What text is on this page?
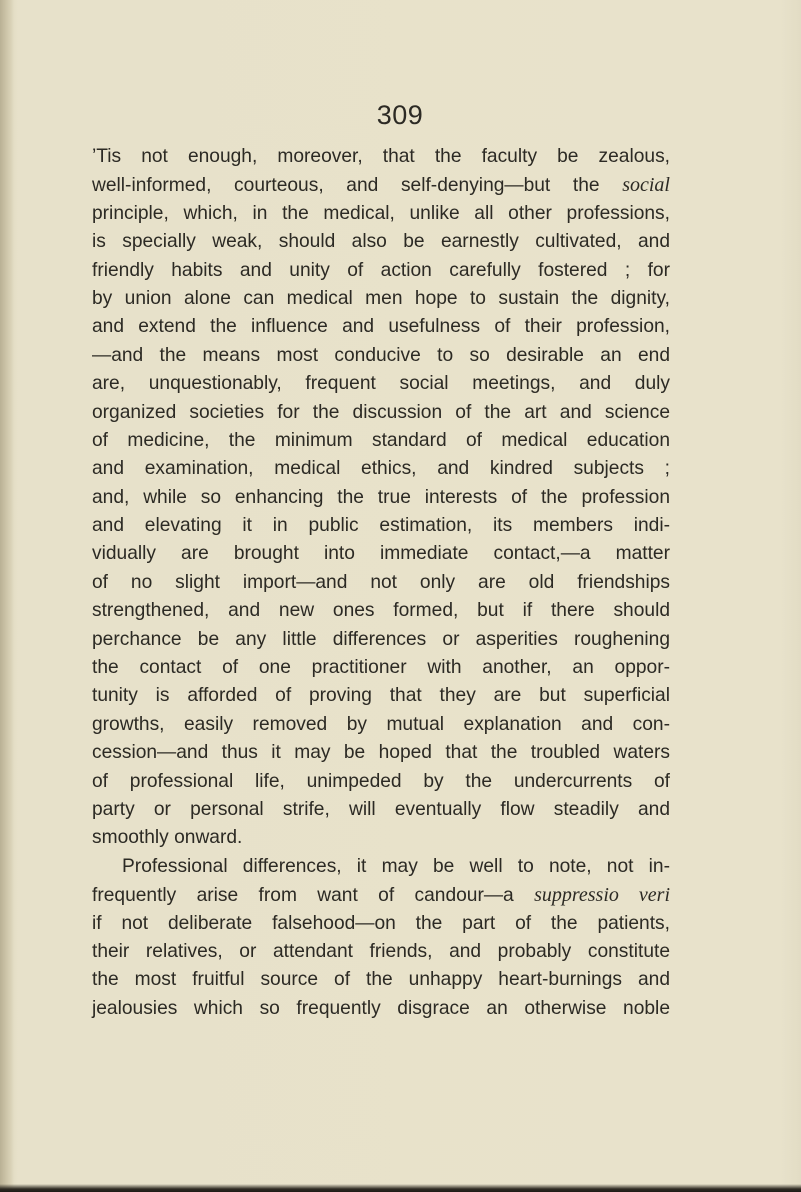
309
’Tis not enough, moreover, that the faculty be zealous,
well-informed, courteous, and self-denying—but the social
principle, which, in the medical, unlike all other professions,
is specially weak, should also be earnestly cultivated, and
friendly habits and unity of action carefully fostered ; for
by union alone can medical men hope to sustain the dignity,
and extend the influence and usefulness of their profession,
—and the means most conducive to so desirable an end
are, unquestionably, frequent social meetings, and duly
organized societies for the discussion of the art and science
of medicine, the minimum standard of medical education
and examination, medical ethics, and kindred subjects ;
and, while so enhancing the true interests of the profession
and elevating it in public estimation, its members indi-
vidually are brought into immediate contact,—a matter
of no slight import—and not only are old friendships
strengthened, and new ones formed, but if there should
perchance be any little differences or asperities roughening
the contact of one practitioner with another, an oppor-
tunity is afforded of proving that they are but superficial
growths, easily removed by mutual explanation and con-
cession—and thus it may be hoped that the troubled waters
of professional life, unimpeded by the undercurrents of
party or personal strife, will eventually flow steadily and
smoothly onward.
Professional differences, it may be well to note, not in-
frequently arise from want of candour—a suppressio veri
if not deliberate falsehood—on the part of the patients,
their relatives, or attendant friends, and probably constitute
the most fruitful source of the unhappy heart-burnings and
jealousies which so frequently disgrace an otherwise noble
